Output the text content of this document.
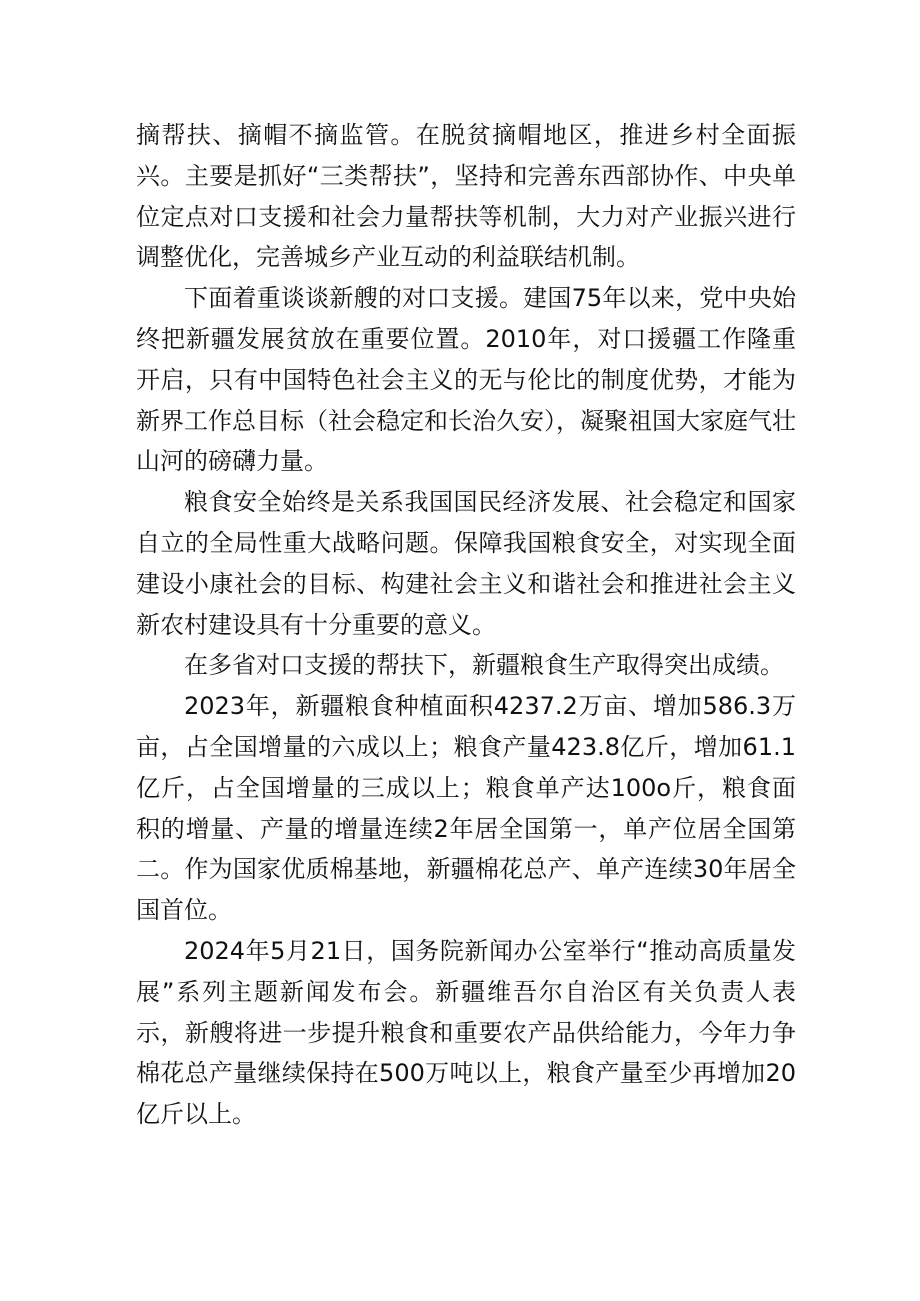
摘帮扶、摘帽不摘监管。在脱贫摘帽地区，推进乡村全面振兴。主要是抓好“三类帮扶”，坚持和完善东西部协作、中央单位定点对口支援和社会力量帮扶等机制，大力对产业振兴进行调整优化，完善城乡产业互动的利益联结机制。

下面着重谈谈新艘的对口支援。建国75年以来，党中央始终把新疆发展贫放在重要位置。2010年，对口援疆工作隆重开启，只有中国特色社会主义的无与伦比的制度优势，才能为新界工作总目标（社会稳定和长治久安），凝聚祖国大家庭气壮山河的磅礴力量。

粮食安全始终是关系我国国民经济发展、社会稳定和国家自立的全局性重大战略问题。保障我国粮食安全，对实现全面建设小康社会的目标、构建社会主义和谐社会和推进社会主义新农村建设具有十分重要的意义。

在多省对口支援的帮扶下，新疆粮食生产取得突出成绩。

2023年，新疆粮食种植面积4237.2万亩、增加586.3万亩，占全国增量的六成以上；粮食产量423.8亿斤，增加61.1亿斤，占全国增量的三成以上；粮食单产达100o斤，粮食面积的增量、产量的增量连续2年居全国第一，单产位居全国第二。作为国家优质棉基地，新疆棉花总产、单产连续30年居全国首位。

2024年5月21日，国务院新闻办公室举行“推动高质量发展”系列主题新闻发布会。新疆维吾尔自治区有关负责人表示，新艘将进一步提升粮食和重要农产品供给能力，今年力争棉花总产量继续保持在500万吨以上，粮食产量至少再增加20亿斤以上。
